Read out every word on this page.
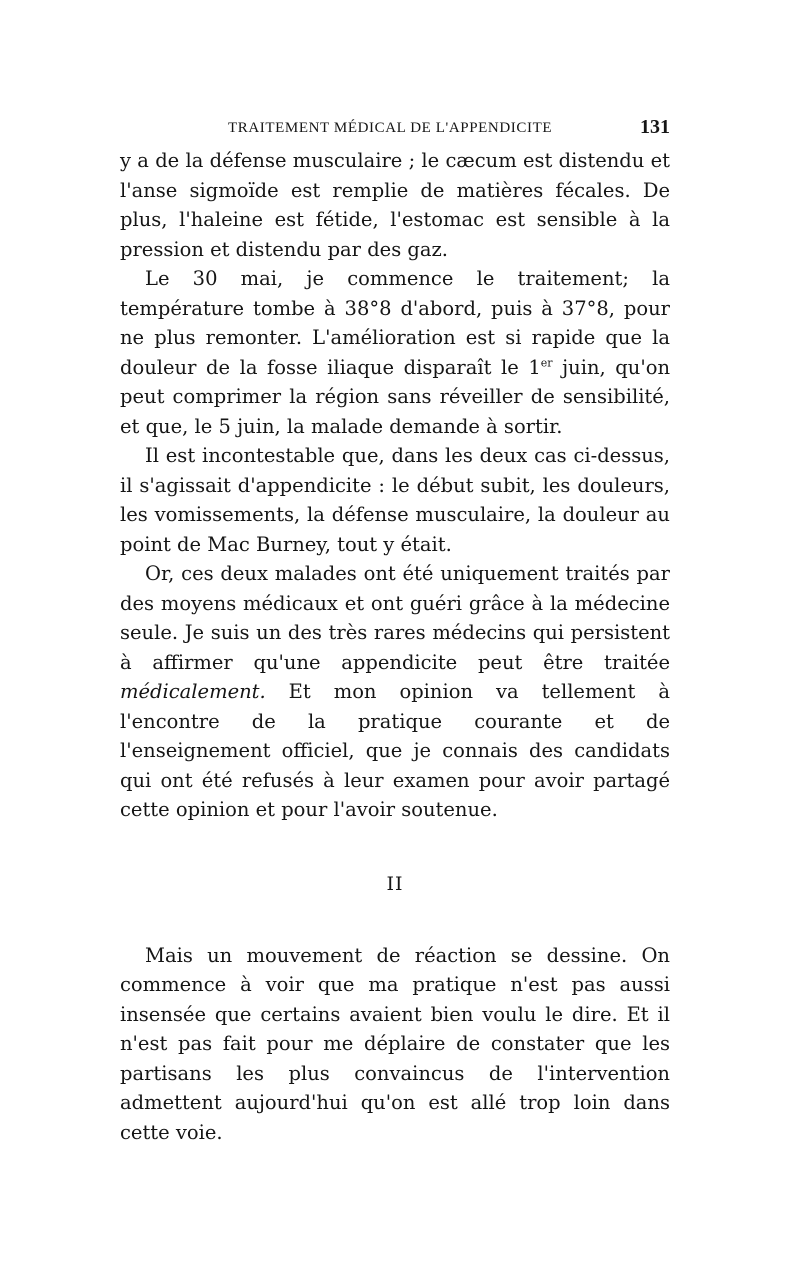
TRAITEMENT MÉDICAL DE L'APPENDICITE	131

y a de la défense musculaire ; le cæcum est distendu et l'anse sigmoïde est remplie de matières fécales. De plus, l'haleine est fétide, l'estomac est sensible à la pression et distendu par des gaz.

Le 30 mai, je commence le traitement; la température tombe à 38°8 d'abord, puis à 37°8, pour ne plus remonter. L'amélioration est si rapide que la douleur de la fosse iliaque disparaît le 1er juin, qu'on peut comprimer la région sans réveiller de sensibilité, et que, le 5 juin, la malade demande à sortir.

Il est incontestable que, dans les deux cas ci-dessus, il s'agissait d'appendicite : le début subit, les douleurs, les vomissements, la défense musculaire, la douleur au point de Mac Burney, tout y était.

Or, ces deux malades ont été uniquement traités par des moyens médicaux et ont guéri grâce à la médecine seule. Je suis un des très rares médecins qui persistent à affirmer qu'une appendicite peut être traitée médicalement. Et mon opinion va tellement à l'encontre de la pratique courante et de l'enseignement officiel, que je connais des candidats qui ont été refusés à leur examen pour avoir partagé cette opinion et pour l'avoir soutenue.

II

Mais un mouvement de réaction se dessine. On commence à voir que ma pratique n'est pas aussi insensée que certains avaient bien voulu le dire. Et il n'est pas fait pour me déplaire de constater que les partisans les plus convaincus de l'intervention admettent aujourd'hui qu'on est allé trop loin dans cette voie.
